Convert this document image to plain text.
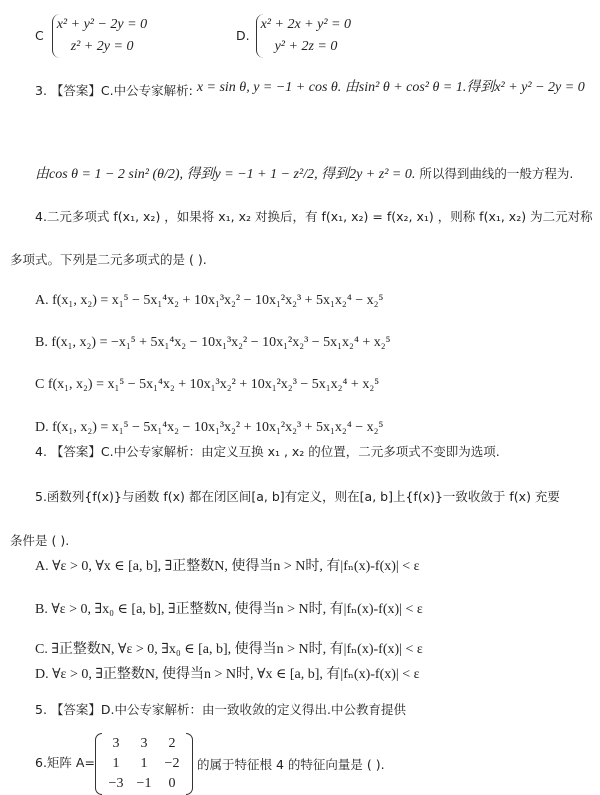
C
x² + y² − 2y = 0
z² + 2y = 0
D.
x² + 2x + y² = 0
y² + 2z = 0
3. 【答案】C.中公专家解析: x = sin θ, y = −1 + cos θ. 由sin² θ + cos² θ = 1.得到x² + y² − 2y = 0
由cos θ = 1 − 2 sin² (θ/2), 得到y = −1 + 1 − z²/2, 得到2y + z² = 0. 所以得到曲线的一般方程为.
4.二元多项式 f(x₁, x₂) ，如果将 x₁, x₂ 对换后，有 f(x₁, x₂) = f(x₂, x₁) ，则称 f(x₁, x₂) 为二元对称
多项式。下列是二元多项式的是 ( ).
A. f(x₁, x₂) = x₁⁵ − 5x₁⁴x₂ + 10x₁³x₂² − 10x₁²x₂³ + 5x₁x₂⁴ − x₂⁵
B. f(x₁, x₂) = −x₁⁵ + 5x₁⁴x₂ − 10x₁³x₂² − 10x₁²x₂³ − 5x₁x₂⁴ + x₂⁵
C f(x₁, x₂) = x₁⁵ − 5x₁⁴x₂ + 10x₁³x₂² + 10x₁²x₂³ − 5x₁x₂⁴ + x₂⁵
D. f(x₁, x₂) = x₁⁵ − 5x₁⁴x₂ − 10x₁³x₂² + 10x₁²x₂³ + 5x₁x₂⁴ − x₂⁵
4. 【答案】C.中公专家解析：由定义互换 x₁ , x₂ 的位置，二元多项式不变即为选项.
5.函数列{f(x)}与函数 f(x) 都在闭区间[a, b]有定义，则在[a, b]上{f(x)}一致收敛于 f(x) 充要
条件是 ( ).
A. ∀ε > 0, ∀x ∈ [a, b], ∃正整数N, 使得当n > N时, 有|fₙ(x)-f(x)| < ε
B. ∀ε > 0, ∃x₀ ∈ [a, b], ∃正整数N, 使得当n > N时, 有|fₙ(x)-f(x)| < ε
C. ∃正整数N, ∀ε > 0, ∃x₀ ∈ [a, b], 使得当n > N时, 有|fₙ(x)-f(x)| < ε
D. ∀ε > 0, ∃正整数N, 使得当n > N时, ∀x ∈ [a, b], 有|fₙ(x)-f(x)| < ε
5. 【答案】D.中公专家解析：由一致收敛的定义得出.中公教育提供
6.矩阵 A=
3	3	2
1	1	−2
−3 −1	0
的属于特征根 4 的特征向量是 ( ).
